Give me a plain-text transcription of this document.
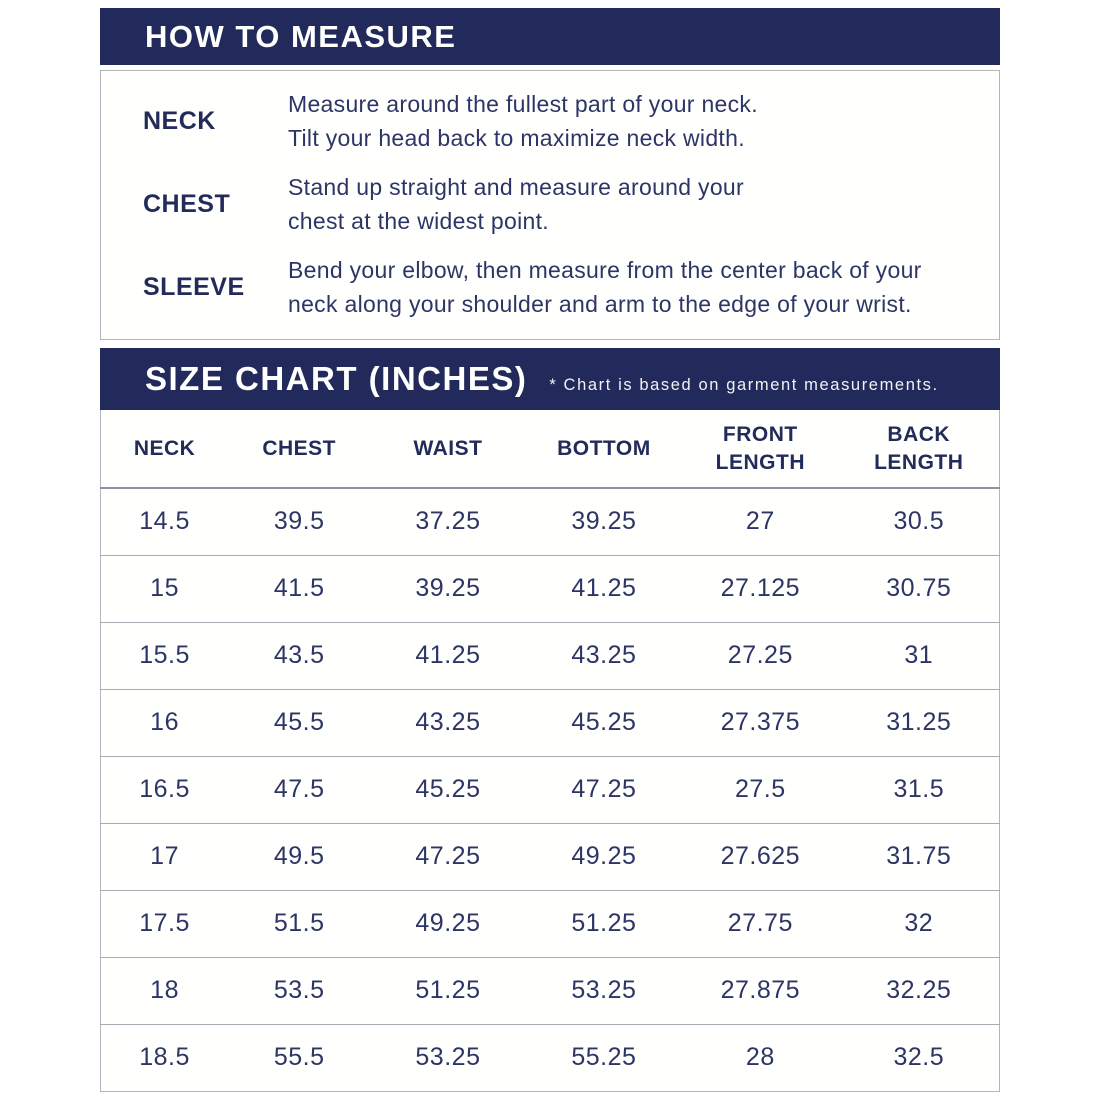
HOW TO MEASURE
NECK
Measure around the fullest part of your neck.
Tilt your head back to maximize neck width.
CHEST
Stand up straight and measure around your
chest at the widest point.
SLEEVE
Bend your elbow, then measure from the center back of your
neck along your shoulder and arm to the edge of your wrist.
SIZE CHART (INCHES) * Chart is based on garment measurements.
NECK	CHEST	WAIST	BOTTOM	FRONT LENGTH	BACK LENGTH
14.5	39.5	37.25	39.25	27	30.5
15	41.5	39.25	41.25	27.125	30.75
15.5	43.5	41.25	43.25	27.25	31
16	45.5	43.25	45.25	27.375	31.25
16.5	47.5	45.25	47.25	27.5	31.5
17	49.5	47.25	49.25	27.625	31.75
17.5	51.5	49.25	51.25	27.75	32
18	53.5	51.25	53.25	27.875	32.25
18.5	55.5	53.25	55.25	28	32.5
